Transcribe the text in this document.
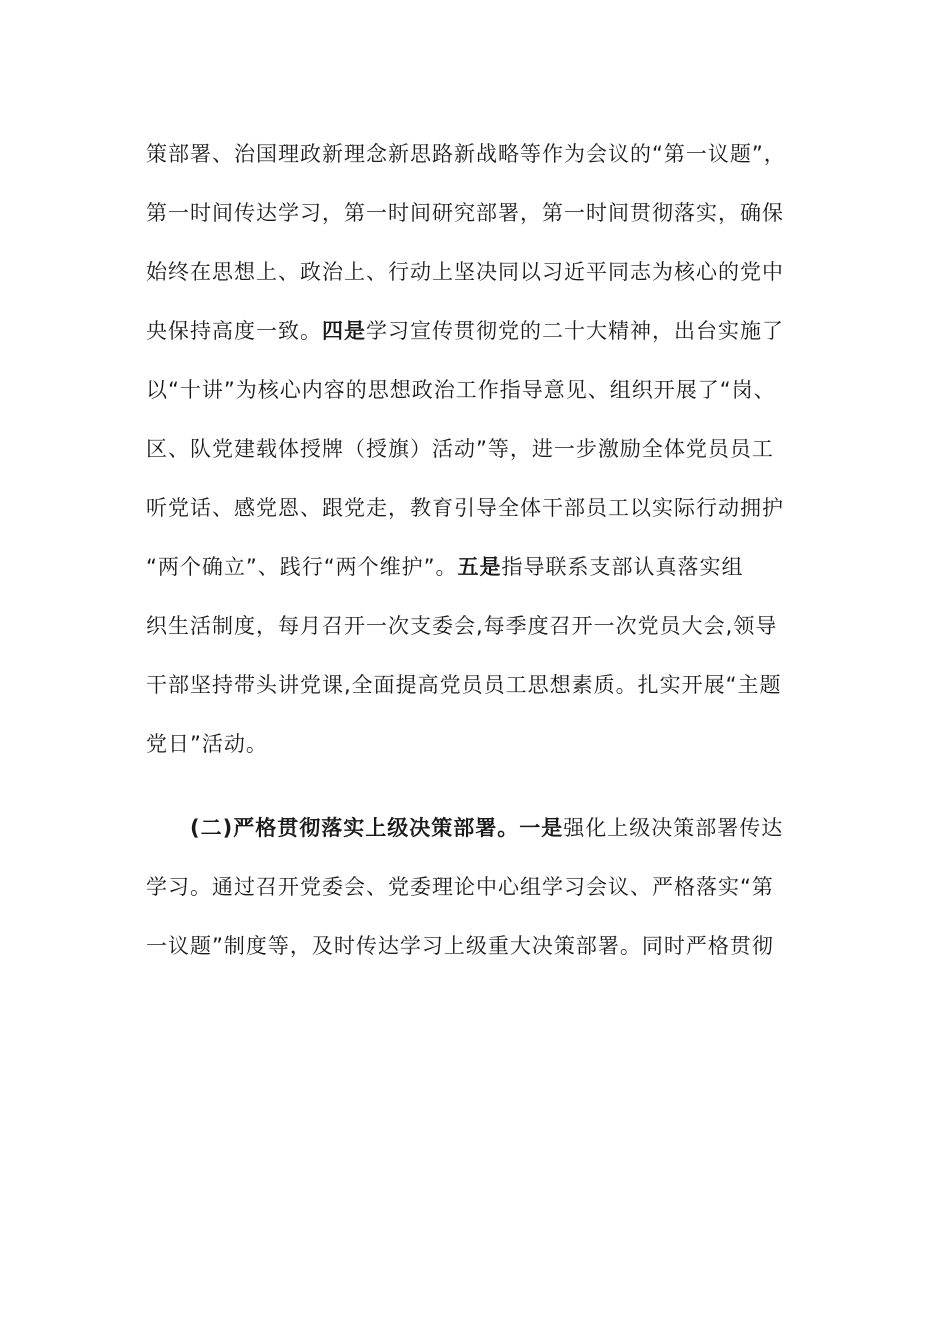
策部署、治国理政新理念新思路新战略等作为会议的“第一议题”，
第一时间传达学习，第一时间研究部署，第一时间贯彻落实，确保
始终在思想上、政治上、行动上坚决同以习近平同志为核心的党中
央保持高度一致。四是学习宣传贯彻党的二十大精神，出台实施了
以“十讲”为核心内容的思想政治工作指导意见、组织开展了“岗、
区、队党建载体授牌（授旗）活动”等，进一步激励全体党员员工
听党话、感党恩、跟党走，教育引导全体干部员工以实际行动拥护
“两个确立”、践行“两个维护”。五是指导联系支部认真落实组
织生活制度，每月召开一次支委会,每季度召开一次党员大会,领导
干部坚持带头讲党课,全面提高党员员工思想素质。扎实开展“主题
党日”活动。
(二)严格贯彻落实上级决策部署。一是强化上级决策部署传达
学习。通过召开党委会、党委理论中心组学习会议、严格落实“第
一议题”制度等，及时传达学习上级重大决策部署。同时严格贯彻
